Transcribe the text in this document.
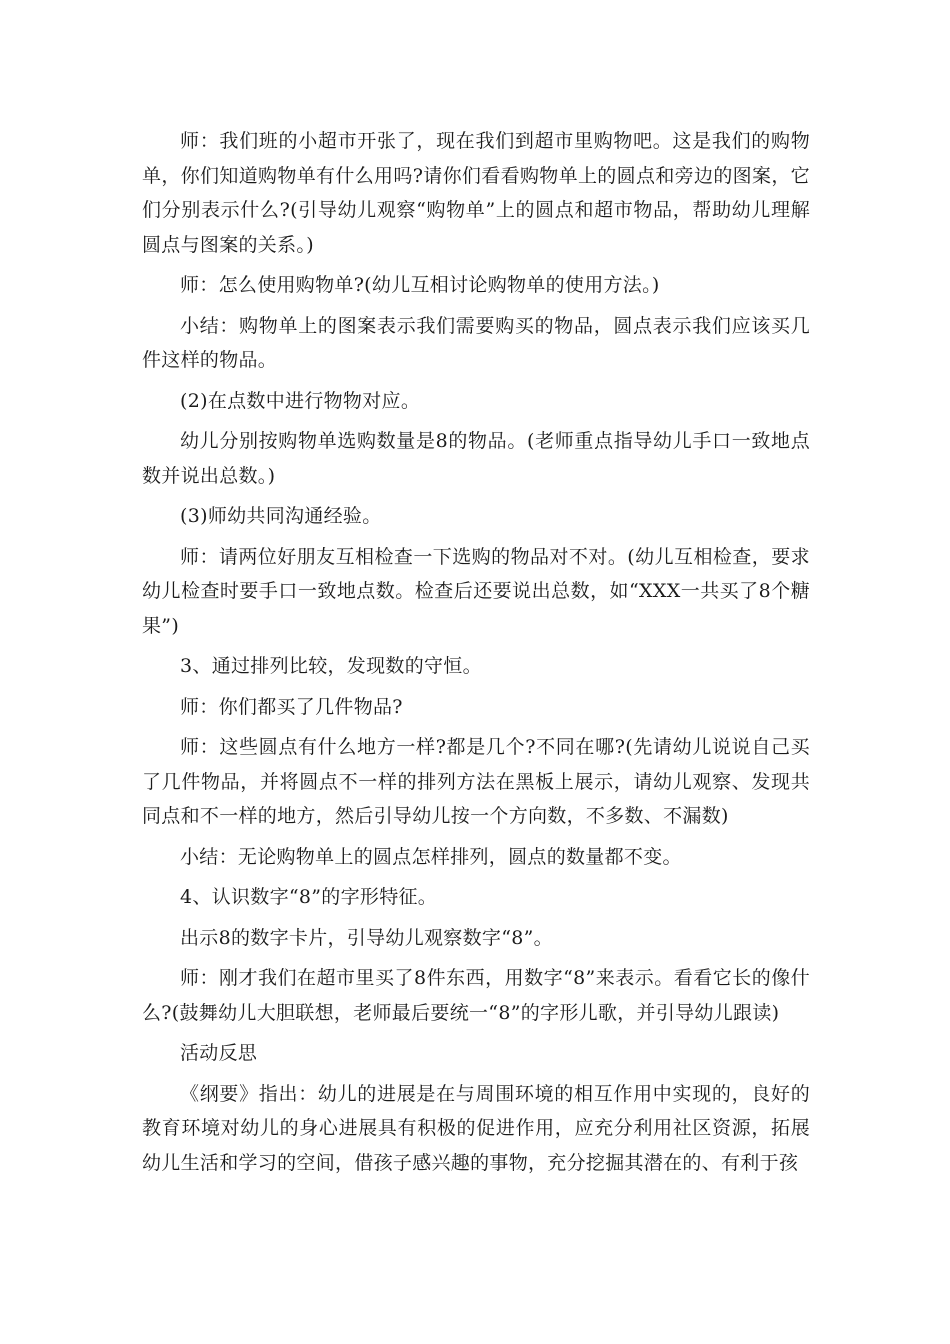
师：我们班的小超市开张了，现在我们到超市里购物吧。这是我们的购物单，你们知道购物单有什么用吗?请你们看看购物单上的圆点和旁边的图案，它们分别表示什么?(引导幼儿观察“购物单”上的圆点和超市物品，帮助幼儿理解圆点与图案的关系。)

师：怎么使用购物单?(幼儿互相讨论购物单的使用方法。)

小结：购物单上的图案表示我们需要购买的物品，圆点表示我们应该买几件这样的物品。

(2)在点数中进行物物对应。

幼儿分别按购物单选购数量是8的物品。(老师重点指导幼儿手口一致地点数并说出总数。)

(3)师幼共同沟通经验。

师：请两位好朋友互相检查一下选购的物品对不对。(幼儿互相检查，要求幼儿检查时要手口一致地点数。检查后还要说出总数，如“XXX一共买了8个糖果”)

3、通过排列比较，发现数的守恒。

师：你们都买了几件物品?

师：这些圆点有什么地方一样?都是几个?不同在哪?(先请幼儿说说自己买了几件物品，并将圆点不一样的排列方法在黑板上展示，请幼儿观察、发现共同点和不一样的地方，然后引导幼儿按一个方向数，不多数、不漏数)

小结：无论购物单上的圆点怎样排列，圆点的数量都不变。

4、认识数字“8”的字形特征。

出示8的数字卡片，引导幼儿观察数字“8”。

师：刚才我们在超市里买了8件东西，用数字“8”来表示。看看它长的像什么?(鼓舞幼儿大胆联想，老师最后要统一“8”的字形儿歌，并引导幼儿跟读)

活动反思

《纲要》指出：幼儿的进展是在与周围环境的相互作用中实现的，良好的教育环境对幼儿的身心进展具有积极的促进作用，应充分利用社区资源，拓展幼儿生活和学习的空间，借孩子感兴趣的事物，充分挖掘其潜在的、有利于孩
